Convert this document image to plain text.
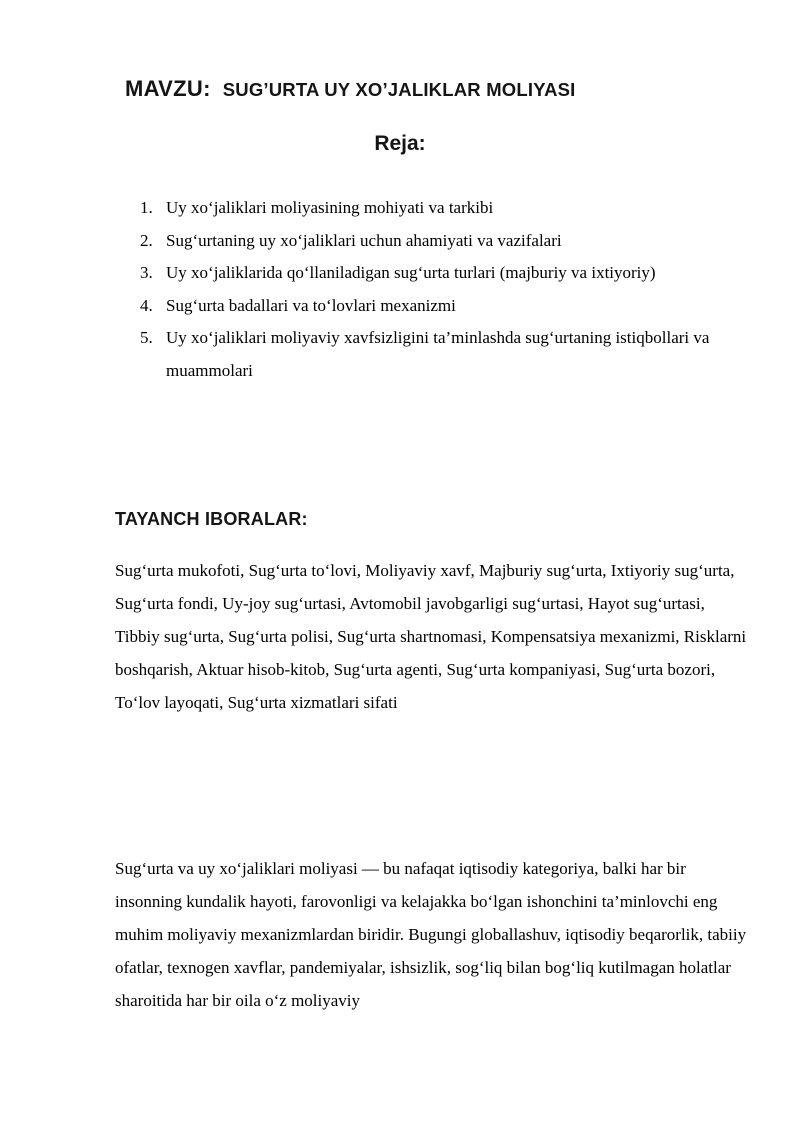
MAVZU: SUG’URTA UY XO’JALIKLAR MOLIYASI
Reja:
1. Uy xo‘jaliklari moliyasining mohiyati va tarkibi
2. Sug‘urtaning uy xo‘jaliklari uchun ahamiyati va vazifalari
3. Uy xo‘jaliklarida qo‘llaniladigan sug‘urta turlari (majburiy va ixtiyoriy)
4. Sug‘urta badallari va to‘lovlari mexanizmi
5. Uy xo‘jaliklari moliyaviy xavfsizligini ta’minlashda sug‘urtaning istiqbollari va muammolari
TAYANCH IBORALAR:

Sug‘urta mukofoti, Sug‘urta to‘lovi, Moliyaviy xavf, Majburiy sug‘urta, Ixtiyoriy sug‘urta, Sug‘urta fondi, Uy-joy sug‘urtasi, Avtomobil javobgarligi sug‘urtasi, Hayot sug‘urtasi, Tibbiy sug‘urta, Sug‘urta polisi, Sug‘urta shartnomasi, Kompensatsiya mexanizmi, Risklarni boshqarish, Aktuar hisob-kitob, Sug‘urta agenti, Sug‘urta kompaniyasi, Sug‘urta bozori, To‘lov layoqati, Sug‘urta xizmatlari sifati

Sug‘urta va uy xo‘jaliklari moliyasi — bu nafaqat iqtisodiy kategoriya, balki har bir insonning kundalik hayoti, farovonligi va kelajakka bo‘lgan ishonchini ta’minlovchi eng muhim moliyaviy mexanizmlardan biridir. Bugungi globallashuv, iqtisodiy beqarorlik, tabiiy ofatlar, texnogen xavflar, pandemiyalar, ishsizlik, sog‘liq bilan bog‘liq kutilmagan holatlar sharoitida har bir oila o‘z moliyaviy
